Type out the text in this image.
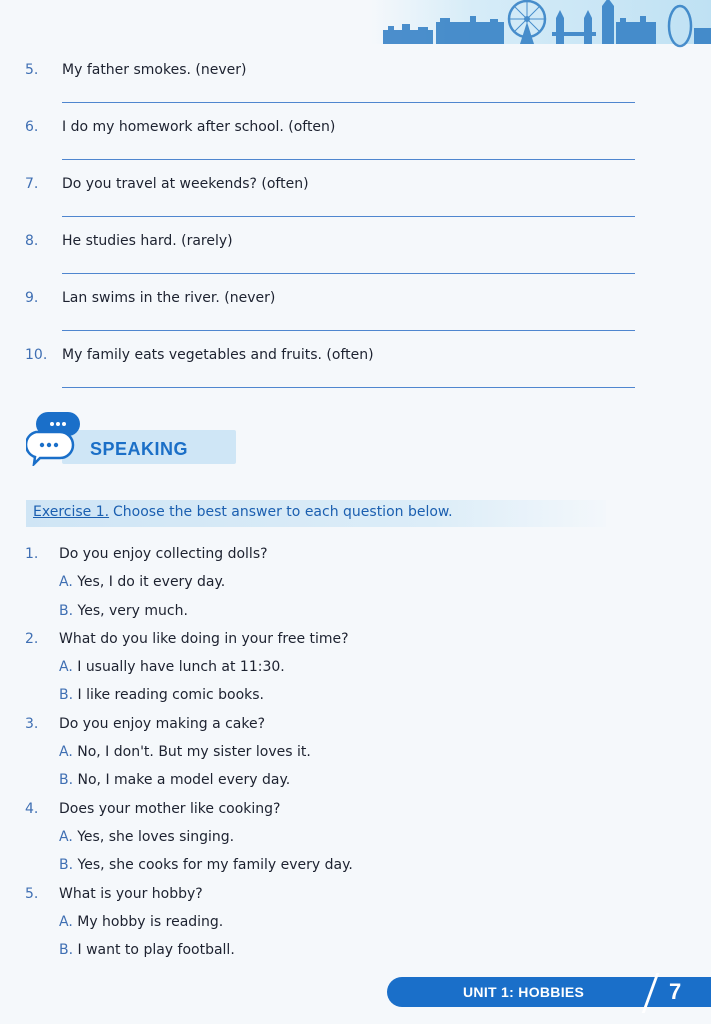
5.	My father smokes. (never)
6.	I do my homework after school. (often)
7.	Do you travel at weekends? (often)
8.	He studies hard. (rarely)
9.	Lan swims in the river. (never)
10.	My family eats vegetables and fruits. (often)
SPEAKING
Exercise 1. Choose the best answer to each question below.
1. Do you enjoy collecting dolls?
A. Yes, I do it every day.
B. Yes, very much.
2. What do you like doing in your free time?
A. I usually have lunch at 11:30.
B. I like reading comic books.
3. Do you enjoy making a cake?
A. No, I don't. But my sister loves it.
B. No, I make a model every day.
4. Does your mother like cooking?
A. Yes, she loves singing.
B. Yes, she cooks for my family every day.
5. What is your hobby?
A. My hobby is reading.
B. I want to play football.
UNIT 1: HOBBIES	7
